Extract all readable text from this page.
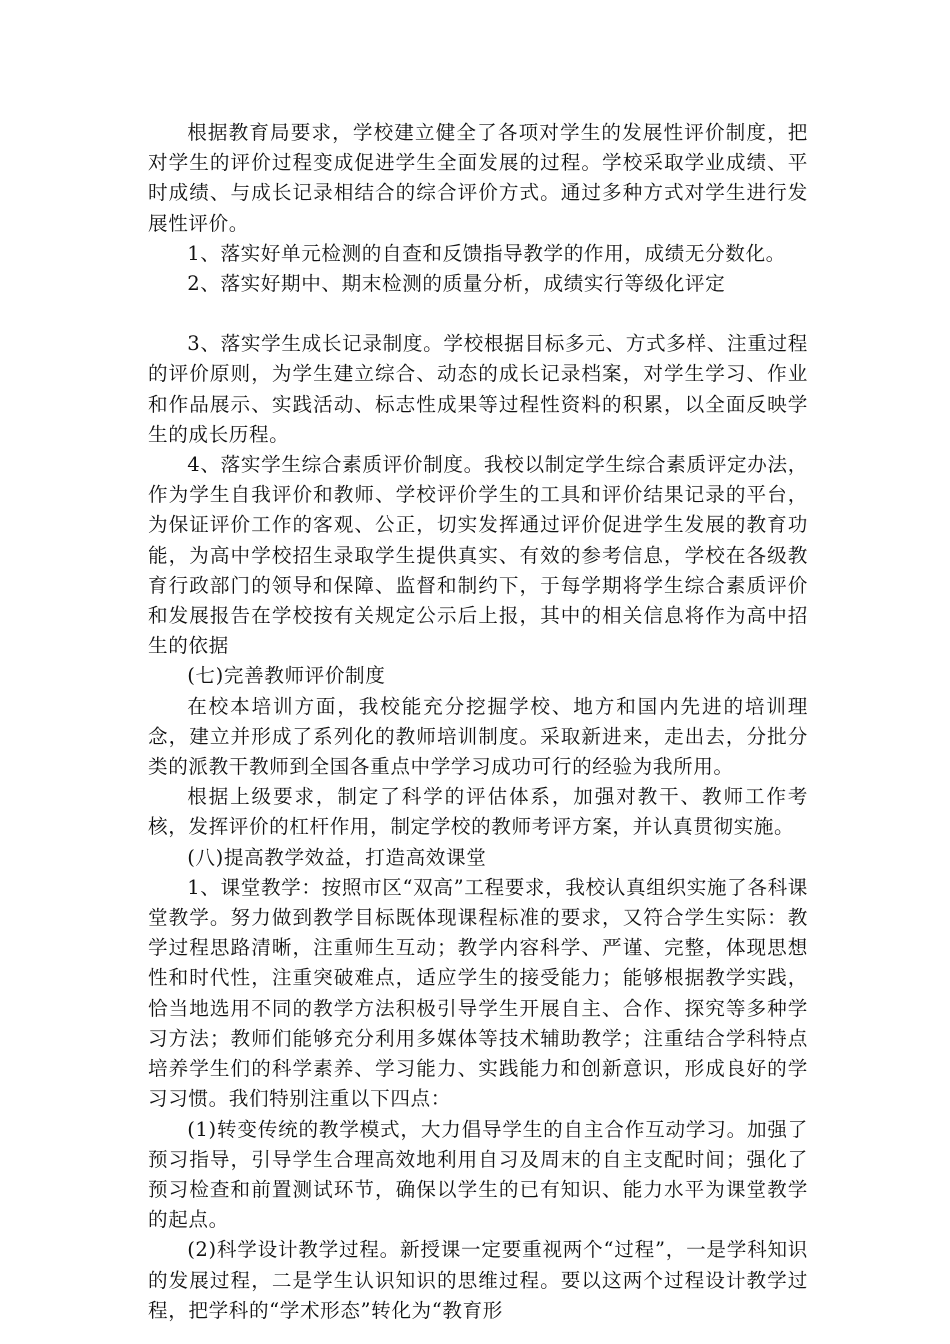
根据教育局要求，学校建立健全了各项对学生的发展性评价制度，把对学生的评价过程变成促进学生全面发展的过程。学校采取学业成绩、平时成绩、与成长记录相结合的综合评价方式。通过多种方式对学生进行发展性评价。

1、落实好单元检测的自查和反馈指导教学的作用，成绩无分数化。

2、落实好期中、期末检测的质量分析，成绩实行等级化评定

3、落实学生成长记录制度。学校根据目标多元、方式多样、注重过程的评价原则，为学生建立综合、动态的成长记录档案，对学生学习、作业和作品展示、实践活动、标志性成果等过程性资料的积累，以全面反映学生的成长历程。

4、落实学生综合素质评价制度。我校以制定学生综合素质评定办法，作为学生自我评价和教师、学校评价学生的工具和评价结果记录的平台，为保证评价工作的客观、公正，切实发挥通过评价促进学生发展的教育功能，为高中学校招生录取学生提供真实、有效的参考信息，学校在各级教育行政部门的领导和保障、监督和制约下，于每学期将学生综合素质评价和发展报告在学校按有关规定公示后上报，其中的相关信息将作为高中招生的依据

(七)完善教师评价制度

在校本培训方面，我校能充分挖掘学校、地方和国内先进的培训理念，建立并形成了系列化的教师培训制度。采取新进来，走出去，分批分类的派教干教师到全国各重点中学学习成功可行的经验为我所用。

根据上级要求，制定了科学的评估体系，加强对教干、教师工作考核，发挥评价的杠杆作用，制定学校的教师考评方案，并认真贯彻实施。

(八)提高教学效益，打造高效课堂

1、课堂教学：按照市区“双高”工程要求，我校认真组织实施了各科课堂教学。努力做到教学目标既体现课程标准的要求，又符合学生实际：教学过程思路清晰，注重师生互动；教学内容科学、严谨、完整，体现思想性和时代性，注重突破难点，适应学生的接受能力；能够根据教学实践，恰当地选用不同的教学方法积极引导学生开展自主、合作、探究等多种学习方法；教师们能够充分利用多媒体等技术辅助教学；注重结合学科特点培养学生们的科学素养、学习能力、实践能力和创新意识，形成良好的学习习惯。我们特别注重以下四点：

(1)转变传统的教学模式，大力倡导学生的自主合作互动学习。加强了预习指导，引导学生合理高效地利用自习及周末的自主支配时间；强化了预习检查和前置测试环节，确保以学生的已有知识、能力水平为课堂教学的起点。

(2)科学设计教学过程。新授课一定要重视两个“过程”，一是学科知识的发展过程，二是学生认识知识的思维过程。要以这两个过程设计教学过程，把学科的“学术形态”转化为“教育形
